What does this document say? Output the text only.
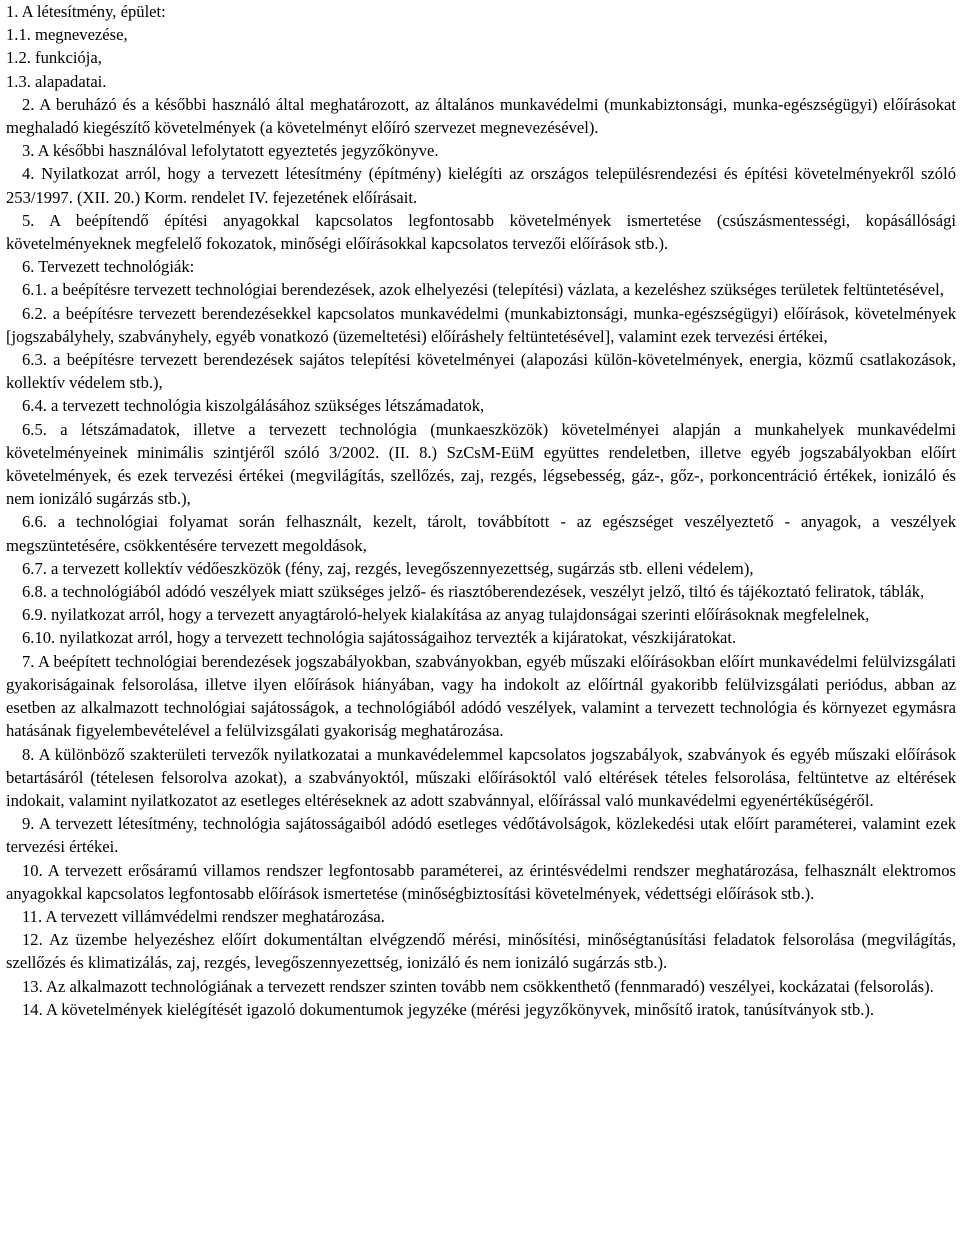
1. A létesítmény, épület:

1.1. megnevezése,

1.2. funkciója,

1.3. alapadatai.

2. A beruházó és a későbbi használó által meghatározott, az általános munkavédelmi (munkabiztonsági, munka-egészségügyi) előírásokat meghaladó kiegészítő követelmények (a követelményt előíró szervezet megnevezésével).

3. A későbbi használóval lefolytatott egyeztetés jegyzőkönyve.

4. Nyilatkozat arról, hogy a tervezett létesítmény (építmény) kielégíti az országos településrendezési és építési követelményekről szóló 253/1997. (XII. 20.) Korm. rendelet IV. fejezetének előírásait.

5. A beépítendő építési anyagokkal kapcsolatos legfontosabb követelmények ismertetése (csúszásmentességi, kopásállósági követelményeknek megfelelő fokozatok, minőségi előírásokkal kapcsolatos tervezői előírások stb.).

6. Tervezett technológiák:

6.1. a beépítésre tervezett technológiai berendezések, azok elhelyezési (telepítési) vázlata, a kezeléshez szükséges területek feltüntetésével,

6.2. a beépítésre tervezett berendezésekkel kapcsolatos munkavédelmi (munkabiztonsági, munka-egészségügyi) előírások, követelmények [jogszabályhely, szabványhely, egyéb vonatkozó (üzemeltetési) előíráshely feltüntetésével], valamint ezek tervezési értékei,

6.3. a beépítésre tervezett berendezések sajátos telepítési követelményei (alapozási külön-követelmények, energia, közmű csatlakozások, kollektív védelem stb.),

6.4. a tervezett technológia kiszolgálásához szükséges létszámadatok,

6.5. a létszámadatok, illetve a tervezett technológia (munkaeszközök) követelményei alapján a munkahelyek munkavédelmi követelményeinek minimális szintjéről szóló 3/2002. (II. 8.) SzCsM-EüM együttes rendeletben, illetve egyéb jogszabályokban előírt követelmények, és ezek tervezési értékei (megvilágítás, szellőzés, zaj, rezgés, légsebesség, gáz-, gőz-, porkoncentráció értékek, ionizáló és nem ionizáló sugárzás stb.),

6.6. a technológiai folyamat során felhasznált, kezelt, tárolt, továbbított - az egészséget veszélyeztető - anyagok, a veszélyek megszüntetésére, csökkentésére tervezett megoldások,

6.7. a tervezett kollektív védőeszközök (fény, zaj, rezgés, levegőszennyezettség, sugárzás stb. elleni védelem),

6.8. a technológiából adódó veszélyek miatt szükséges jelző- és riasztóberendezések, veszélyt jelző, tiltó és tájékoztató feliratok, táblák,

6.9. nyilatkozat arról, hogy a tervezett anyagtároló-helyek kialakítása az anyag tulajdonságai szerinti előírásoknak megfelelnek,

6.10. nyilatkozat arról, hogy a tervezett technológia sajátosságaihoz tervezték a kijáratokat, vészkijáratokat.

7. A beépített technológiai berendezések jogszabályokban, szabványokban, egyéb műszaki előírásokban előírt munkavédelmi felülvizsgálati gyakoriságainak felsorolása, illetve ilyen előírások hiányában, vagy ha indokolt az előírtnál gyakoribb felülvizsgálati periódus, abban az esetben az alkalmazott technológiai sajátosságok, a technológiából adódó veszélyek, valamint a tervezett technológia és környezet egymásra hatásának figyelembevételével a felülvizsgálati gyakoriság meghatározása.

8. A különböző szakterületi tervezők nyilatkozatai a munkavédelemmel kapcsolatos jogszabályok, szabványok és egyéb műszaki előírások betartásáról (tételesen felsorolva azokat), a szabványoktól, műszaki előírásoktól való eltérések tételes felsorolása, feltüntetve az eltérések indokait, valamint nyilatkozatot az esetleges eltéréseknek az adott szabvánnyal, előírással való munkavédelmi egyenértékűségéről.

9. A tervezett létesítmény, technológia sajátosságaiból adódó esetleges védőtávolságok, közlekedési utak előírt paraméterei, valamint ezek tervezési értékei.

10. A tervezett erősáramú villamos rendszer legfontosabb paraméterei, az érintésvédelmi rendszer meghatározása, felhasznált elektromos anyagokkal kapcsolatos legfontosabb előírások ismertetése (minőségbiztosítási követelmények, védettségi előírások stb.).

11. A tervezett villámvédelmi rendszer meghatározása.

12. Az üzembe helyezéshez előírt dokumentáltan elvégzendő mérési, minősítési, minőségtanúsítási feladatok felsorolása (megvilágítás, szellőzés és klimatizálás, zaj, rezgés, levegőszennyezettség, ionizáló és nem ionizáló sugárzás stb.).

13. Az alkalmazott technológiának a tervezett rendszer szinten tovább nem csökkenthető (fennmaradó) veszélyei, kockázatai (felsorolás).

14. A követelmények kielégítését igazoló dokumentumok jegyzéke (mérési jegyzőkönyvek, minősítő iratok, tanúsítványok stb.).
